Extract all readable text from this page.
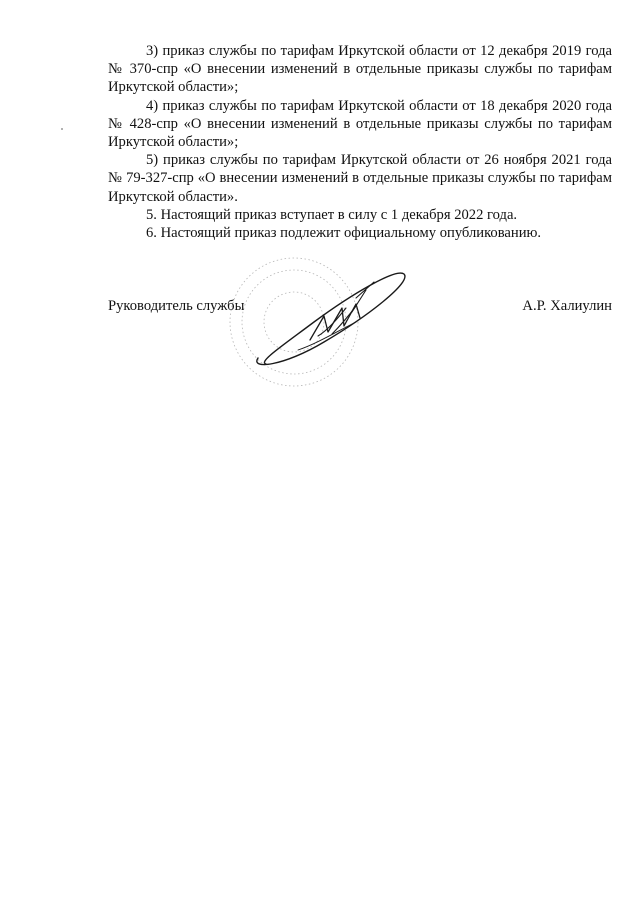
3) приказ службы по тарифам Иркутской области от 12 декабря 2019 года № 370-спр «О внесении изменений в отдельные приказы службы по тарифам Иркутской области»;

4) приказ службы по тарифам Иркутской области от 18 декабря 2020 года № 428-спр «О внесении изменений в отдельные приказы службы по тарифам Иркутской области»;

5) приказ службы по тарифам Иркутской области от 26 ноября 2021 года № 79-327-спр «О внесении изменений в отдельные приказы службы по тарифам Иркутской области».

5. Настоящий приказ вступает в силу с 1 декабря 2022 года.

6. Настоящий приказ подлежит официальному опубликованию.

Руководитель службы	А.Р. Халиулин
